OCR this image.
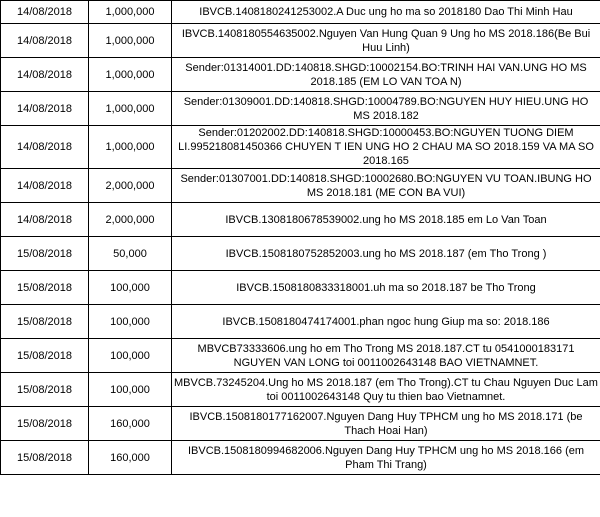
14/08/2018	1,000,000	IBVCB.1408180241253002.A Duc ung ho ma so 2018180 Dao Thi Minh Hau
14/08/2018	1,000,000	IBVCB.1408180554635002.Nguyen Van Hung Quan 9 Ung ho MS 2018.186(Be Bui Huu Linh)
14/08/2018	1,000,000	Sender:01314001.DD:140818.SHGD:10002154.BO:TRINH HAI VAN.UNG HO MS 2018.185 (EM LO VAN TOA N)
14/08/2018	1,000,000	Sender:01309001.DD:140818.SHGD:10004789.BO:NGUYEN HUY HIEU.UNG HO MS 2018.182
14/08/2018	1,000,000	Sender:01202002.DD:140818.SHGD:10000453.BO:NGUYEN TUONG DIEM LI.995218081450366 CHUYEN T IEN UNG HO 2 CHAU MA SO 2018.159 VA MA SO 2018.165
14/08/2018	2,000,000	Sender:01307001.DD:140818.SHGD:10002680.BO:NGUYEN VU TOAN.IBUNG HO MS 2018.181 (ME CON BA VUI)
14/08/2018	2,000,000	IBVCB.1308180678539002.ung ho MS 2018.185 em Lo Van Toan
15/08/2018	50,000	IBVCB.1508180752852003.ung ho MS 2018.187 (em Tho Trong )
15/08/2018	100,000	IBVCB.1508180833318001.uh ma so 2018.187 be Tho Trong
15/08/2018	100,000	IBVCB.1508180474174001.phan ngoc hung Giup ma so: 2018.186
15/08/2018	100,000	MBVCB73333606.ung ho em Tho Trong MS 2018.187.CT tu 0541000183171 NGUYEN VAN LONG toi 0011002643148 BAO VIETNAMNET.
15/08/2018	100,000	MBVCB.73245204.Ung ho MS 2018.187 (em Tho Trong).CT tu Chau Nguyen Duc Lam toi 0011002643148 Quy tu thien bao Vietnamnet.
15/08/2018	160,000	IBVCB.1508180177162007.Nguyen Dang Huy TPHCM ung ho MS 2018.171 (be Thach Hoai Han)
15/08/2018	160,000	IBVCB.1508180994682006.Nguyen Dang Huy TPHCM ung ho MS 2018.166 (em Pham Thi Trang)
